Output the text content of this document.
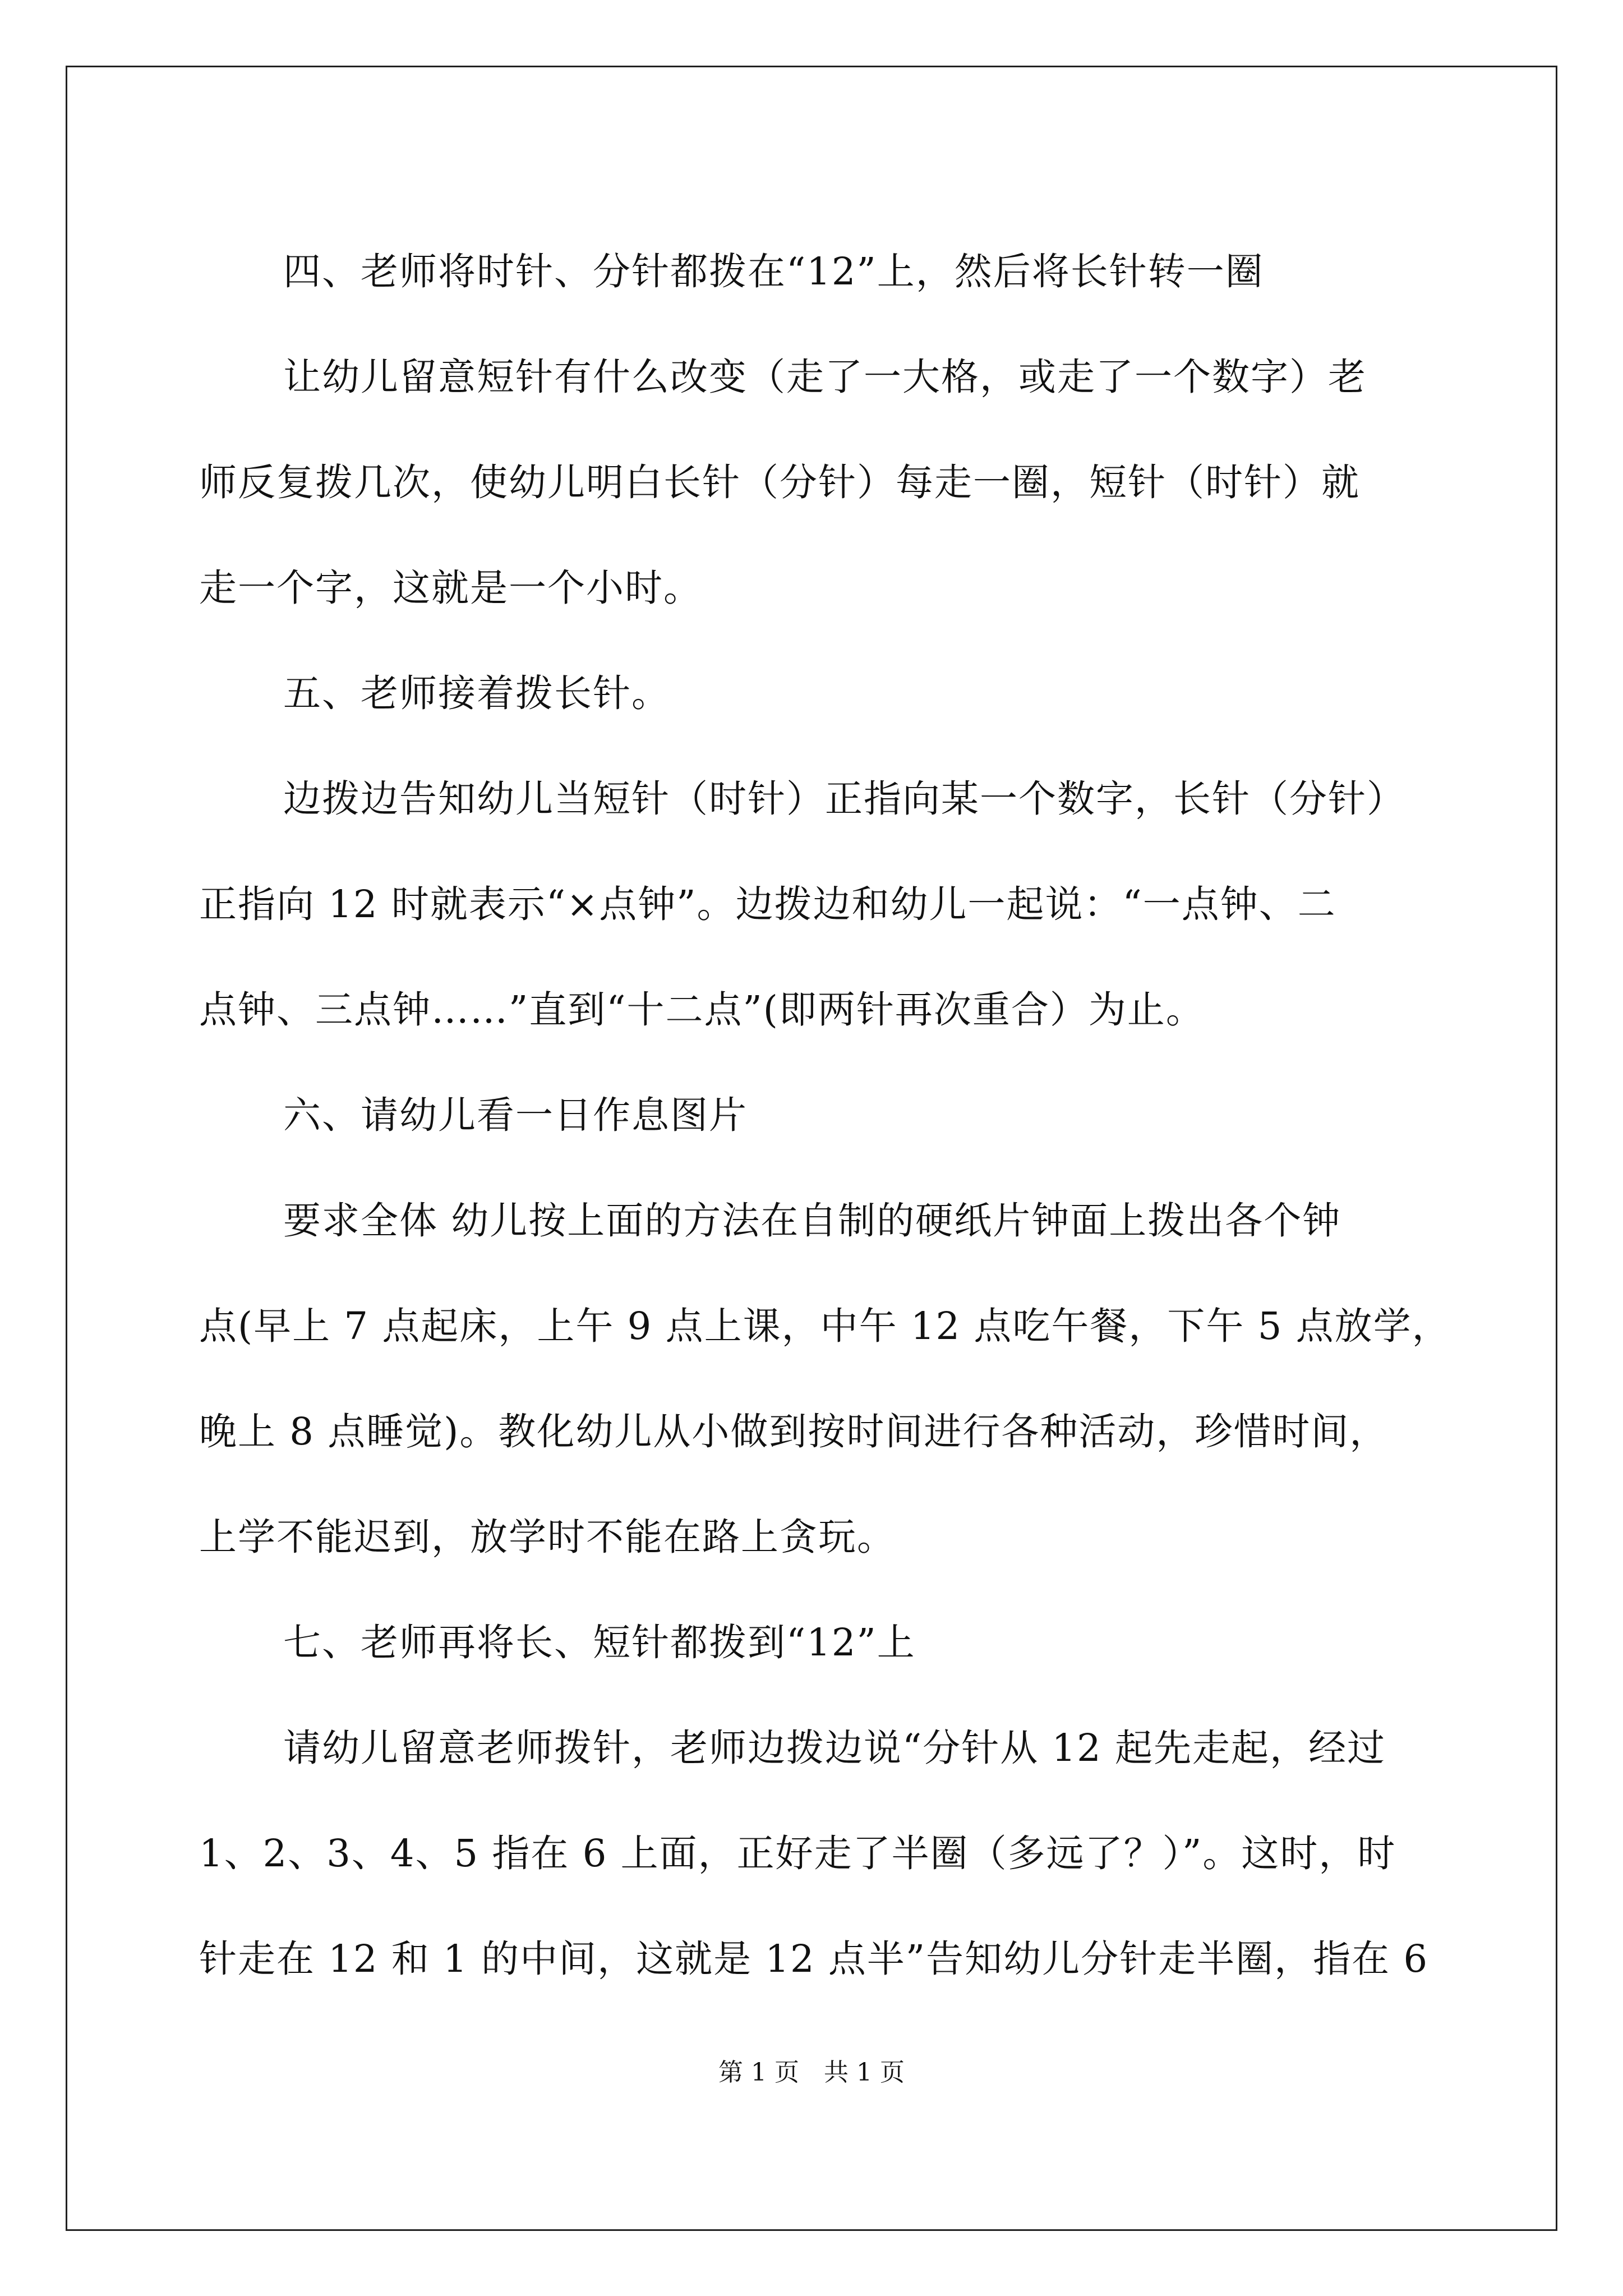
四、老师将时针、分针都拨在“12”上，然后将长针转一圈
让幼儿留意短针有什么改变（走了一大格，或走了一个数字）老
师反复拨几次，使幼儿明白长针（分针）每走一圈，短针（时针）就
走一个字，这就是一个小时。
五、老师接着拨长针。
边拨边告知幼儿当短针（时针）正指向某一个数字，长针（分针）
正指向 12 时就表示“×点钟”。边拨边和幼儿一起说：“一点钟、二
点钟、三点钟……”直到“十二点”(即两针再次重合）为止。
六、请幼儿看一日作息图片
要求全体 幼儿按上面的方法在自制的硬纸片钟面上拨出各个钟
点(早上 7 点起床，上午 9 点上课，中午 12 点吃午餐，下午 5 点放学，
晚上 8 点睡觉)。教化幼儿从小做到按时间进行各种活动，珍惜时间，
上学不能迟到，放学时不能在路上贪玩。
七、老师再将长、短针都拨到“12”上
请幼儿留意老师拨针，老师边拨边说“分针从 12 起先走起，经过
1、2、3、4、5 指在 6 上面，正好走了半圈（多远了？）”。这时，时
针走在 12 和 1 的中间，这就是 12 点半”告知幼儿分针走半圈，指在 6
第 1 页　共 1 页
